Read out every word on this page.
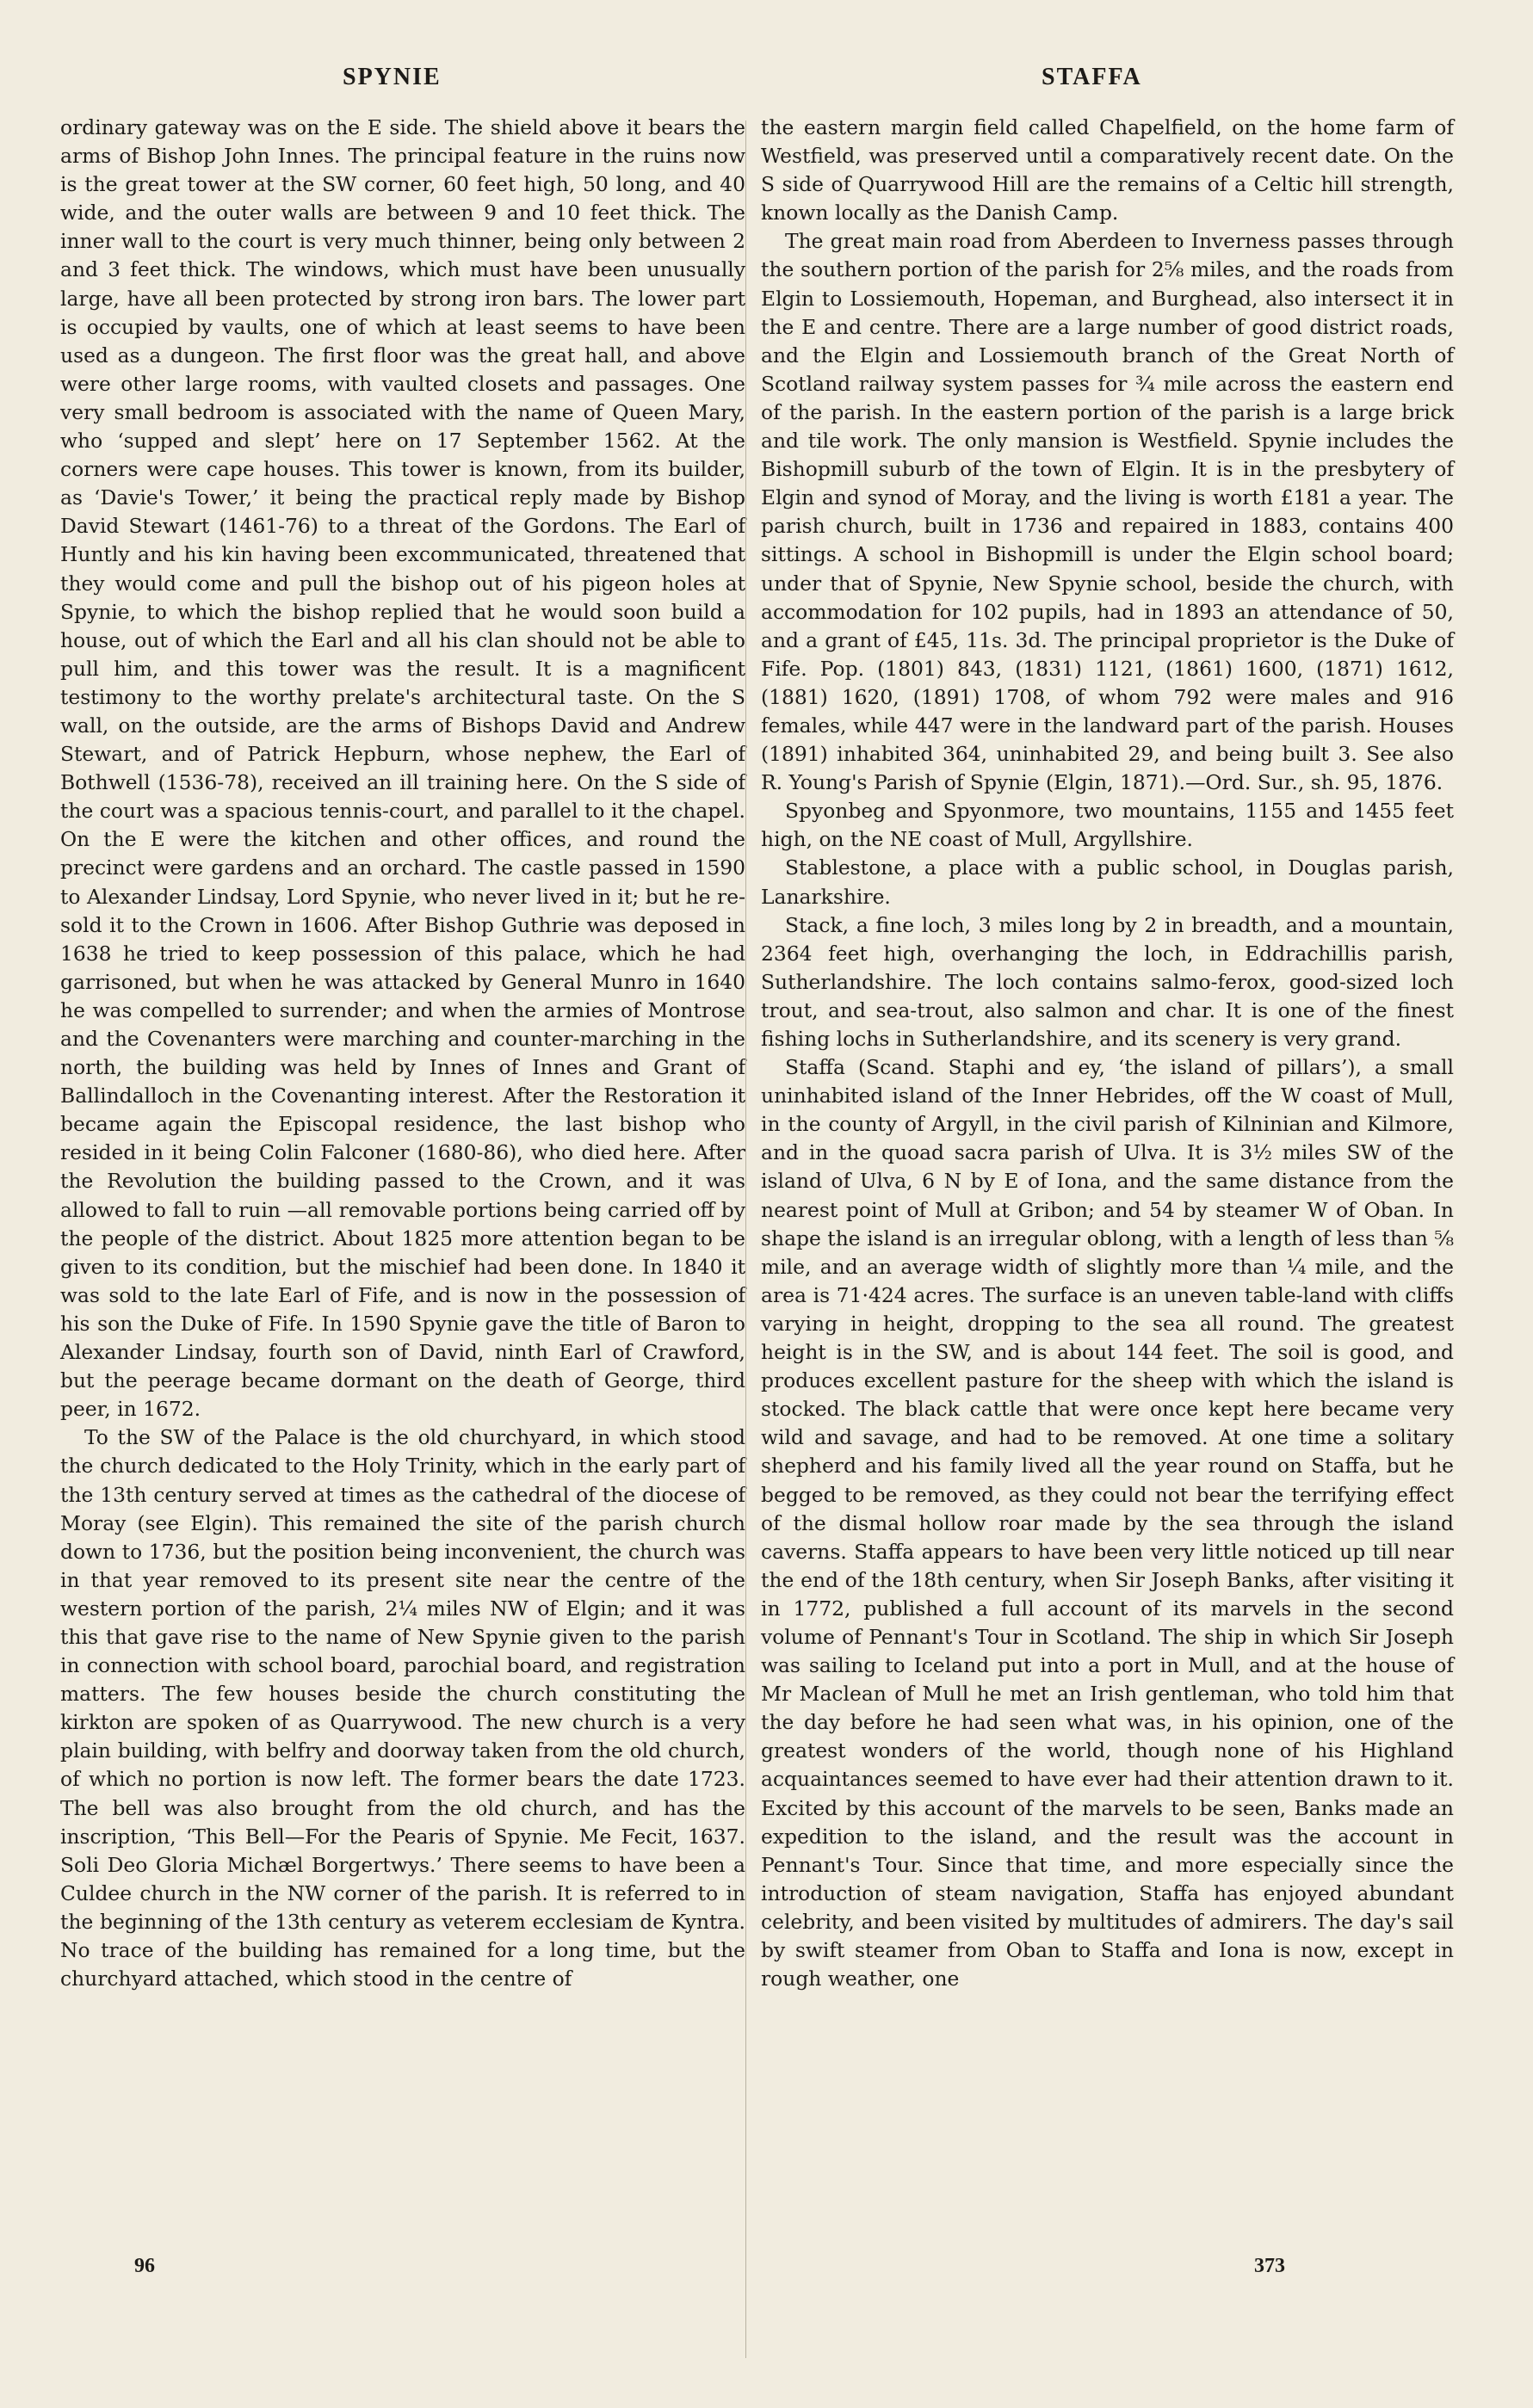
SPYNIE	STAFFA

ordinary gateway was on the E side. The shield above it bears the arms of Bishop John Innes. The principal feature in the ruins now is the great tower at the SW corner, 60 feet high, 50 long, and 40 wide, and the outer walls are between 9 and 10 feet thick. The inner wall to the court is very much thinner, being only between 2 and 3 feet thick. The windows, which must have been unusually large, have all been protected by strong iron bars. The lower part is occupied by vaults, one of which at least seems to have been used as a dungeon. The first floor was the great hall, and above were other large rooms, with vaulted closets and passages. One very small bedroom is associated with the name of Queen Mary, who ‘supped and slept’ here on 17 September 1562. At the corners were cape houses. This tower is known, from its builder, as ‘Davie's Tower,’ it being the practical reply made by Bishop David Stewart (1461-76) to a threat of the Gordons. The Earl of Huntly and his kin having been excommunicated, threatened that they would come and pull the bishop out of his pigeon holes at Spynie, to which the bishop replied that he would soon build a house, out of which the Earl and all his clan should not be able to pull him, and this tower was the result. It is a magnificent testimony to the worthy prelate's architectural taste. On the S wall, on the outside, are the arms of Bishops David and Andrew Stewart, and of Patrick Hepburn, whose nephew, the Earl of Bothwell (1536-78), received an ill training here. On the S side of the court was a spacious tennis-court, and parallel to it the chapel. On the E were the kitchen and other offices, and round the precinct were gardens and an orchard. The castle passed in 1590 to Alexander Lindsay, Lord Spynie, who never lived in it; but he re-sold it to the Crown in 1606. After Bishop Guthrie was deposed in 1638 he tried to keep possession of this palace, which he had garrisoned, but when he was attacked by General Munro in 1640 he was compelled to surrender; and when the armies of Montrose and the Covenanters were marching and counter-marching in the north, the building was held by Innes of Innes and Grant of Ballindalloch in the Covenanting interest. After the Restoration it became again the Episcopal residence, the last bishop who resided in it being Colin Falconer (1680-86), who died here. After the Revolution the building passed to the Crown, and it was allowed to fall to ruin —all removable portions being carried off by the people of the district. About 1825 more attention began to be given to its condition, but the mischief had been done. In 1840 it was sold to the late Earl of Fife, and is now in the possession of his son the Duke of Fife. In 1590 Spynie gave the title of Baron to Alexander Lindsay, fourth son of David, ninth Earl of Crawford, but the peerage became dormant on the death of George, third peer, in 1672.

To the SW of the Palace is the old churchyard, in which stood the church dedicated to the Holy Trinity, which in the early part of the 13th century served at times as the cathedral of the diocese of Moray (see Elgin). This remained the site of the parish church down to 1736, but the position being inconvenient, the church was in that year removed to its present site near the centre of the western portion of the parish, 2¼ miles NW of Elgin; and it was this that gave rise to the name of New Spynie given to the parish in connection with school board, parochial board, and registration matters. The few houses beside the church constituting the kirkton are spoken of as Quarrywood. The new church is a very plain building, with belfry and doorway taken from the old church, of which no portion is now left. The former bears the date 1723. The bell was also brought from the old church, and has the inscription, ‘This Bell—For the Pearis of Spynie. Me Fecit, 1637. Soli Deo Gloria Michæl Borgertwys.’ There seems to have been a Culdee church in the NW corner of the parish. It is referred to in the beginning of the 13th century as veterem ecclesiam de Kyntra. No trace of the building has remained for a long time, but the churchyard attached, which stood in the centre of

the eastern margin field called Chapelfield, on the home farm of Westfield, was preserved until a comparatively recent date. On the S side of Quarrywood Hill are the remains of a Celtic hill strength, known locally as the Danish Camp.

The great main road from Aberdeen to Inverness passes through the southern portion of the parish for 2⅝ miles, and the roads from Elgin to Lossiemouth, Hopeman, and Burghead, also intersect it in the E and centre. There are a large number of good district roads, and the Elgin and Lossiemouth branch of the Great North of Scotland railway system passes for ¾ mile across the eastern end of the parish. In the eastern portion of the parish is a large brick and tile work. The only mansion is Westfield. Spynie includes the Bishopmill suburb of the town of Elgin. It is in the presbytery of Elgin and synod of Moray, and the living is worth £181 a year. The parish church, built in 1736 and repaired in 1883, contains 400 sittings. A school in Bishopmill is under the Elgin school board; under that of Spynie, New Spynie school, beside the church, with accommodation for 102 pupils, had in 1893 an attendance of 50, and a grant of £45, 11s. 3d. The principal proprietor is the Duke of Fife. Pop. (1801) 843, (1831) 1121, (1861) 1600, (1871) 1612, (1881) 1620, (1891) 1708, of whom 792 were males and 916 females, while 447 were in the landward part of the parish. Houses (1891) inhabited 364, uninhabited 29, and being built 3. See also R. Young's Parish of Spynie (Elgin, 1871).—Ord. Sur., sh. 95, 1876.

Spyonbeg and Spyonmore, two mountains, 1155 and 1455 feet high, on the NE coast of Mull, Argyllshire.

Stablestone, a place with a public school, in Douglas parish, Lanarkshire.

Stack, a fine loch, 3 miles long by 2 in breadth, and a mountain, 2364 feet high, overhanging the loch, in Eddrachillis parish, Sutherlandshire. The loch contains salmo-ferox, good-sized loch trout, and sea-trout, also salmon and char. It is one of the finest fishing lochs in Sutherlandshire, and its scenery is very grand.

Staffa (Scand. Staphi and ey, ‘the island of pillars’), a small uninhabited island of the Inner Hebrides, off the W coast of Mull, in the county of Argyll, in the civil parish of Kilninian and Kilmore, and in the quoad sacra parish of Ulva. It is 3½ miles SW of the island of Ulva, 6 N by E of Iona, and the same distance from the nearest point of Mull at Gribon; and 54 by steamer W of Oban. In shape the island is an irregular oblong, with a length of less than ⅝ mile, and an average width of slightly more than ¼ mile, and the area is 71·424 acres. The surface is an uneven table-land with cliffs varying in height, dropping to the sea all round. The greatest height is in the SW, and is about 144 feet. The soil is good, and produces excellent pasture for the sheep with which the island is stocked. The black cattle that were once kept here became very wild and savage, and had to be removed. At one time a solitary shepherd and his family lived all the year round on Staffa, but he begged to be removed, as they could not bear the terrifying effect of the dismal hollow roar made by the sea through the island caverns. Staffa appears to have been very little noticed up till near the end of the 18th century, when Sir Joseph Banks, after visiting it in 1772, published a full account of its marvels in the second volume of Pennant's Tour in Scotland. The ship in which Sir Joseph was sailing to Iceland put into a port in Mull, and at the house of Mr Maclean of Mull he met an Irish gentleman, who told him that the day before he had seen what was, in his opinion, one of the greatest wonders of the world, though none of his Highland acquaintances seemed to have ever had their attention drawn to it. Excited by this account of the marvels to be seen, Banks made an expedition to the island, and the result was the account in Pennant's Tour. Since that time, and more especially since the introduction of steam navigation, Staffa has enjoyed abundant celebrity, and been visited by multitudes of admirers. The day's sail by swift steamer from Oban to Staffa and Iona is now, except in rough weather, one

96	373
